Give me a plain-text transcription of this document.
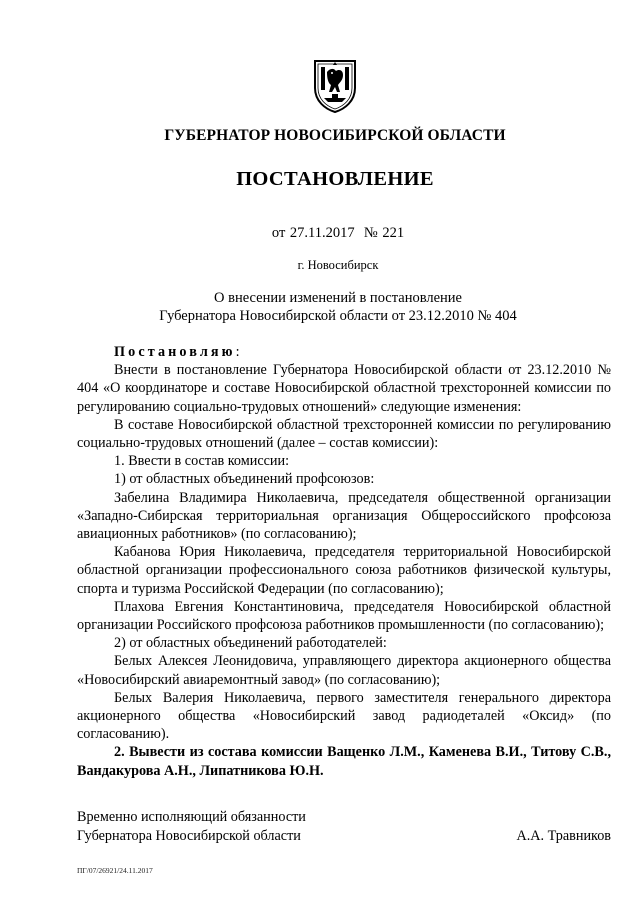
ГУБЕРНАТОР НОВОСИБИРСКОЙ ОБЛАСТИ
ПОСТАНОВЛЕНИЕ
от 27.11.2017  № 221
г. Новосибирск
О внесении изменений в постановление
Губернатора Новосибирской области от 23.12.2010 № 404

Постановляю:

Внести в постановление Губернатора Новосибирской области от 23.12.2010 № 404 «О координаторе и составе Новосибирской областной трехсторонней комиссии по регулированию социально-трудовых отношений» следующие изменения:

В составе Новосибирской областной трехсторонней комиссии по регулированию социально-трудовых отношений (далее – состав комиссии):

1. Ввести в состав комиссии:

1) от областных объединений профсоюзов:

Забелина Владимира Николаевича, председателя общественной организации «Западно-Сибирская территориальная организация Общероссийского профсоюза авиационных работников» (по согласованию);

Кабанова Юрия Николаевича, председателя территориальной Новосибирской областной организации профессионального союза работников физической культуры, спорта и туризма Российской Федерации (по согласованию);

Плахова Евгения Константиновича, председателя Новосибирской областной организации Российского профсоюза работников промышленности (по согласованию);

2) от областных объединений работодателей:

Белых Алексея Леонидовича, управляющего директора акционерного общества «Новосибирский авиаремонтный завод» (по согласованию);

Белых Валерия Николаевича, первого заместителя генерального директора акционерного общества «Новосибирский завод радиодеталей «Оксид» (по согласованию).

2. Вывести из состава комиссии Ващенко Л.М., Каменева В.И., Титову С.В., Вандакурова А.Н., Липатникова Ю.Н.

Временно исполняющий обязанности
Губернатора Новосибирской области	А.А. Травников
ПГ/07/26921/24.11.2017
